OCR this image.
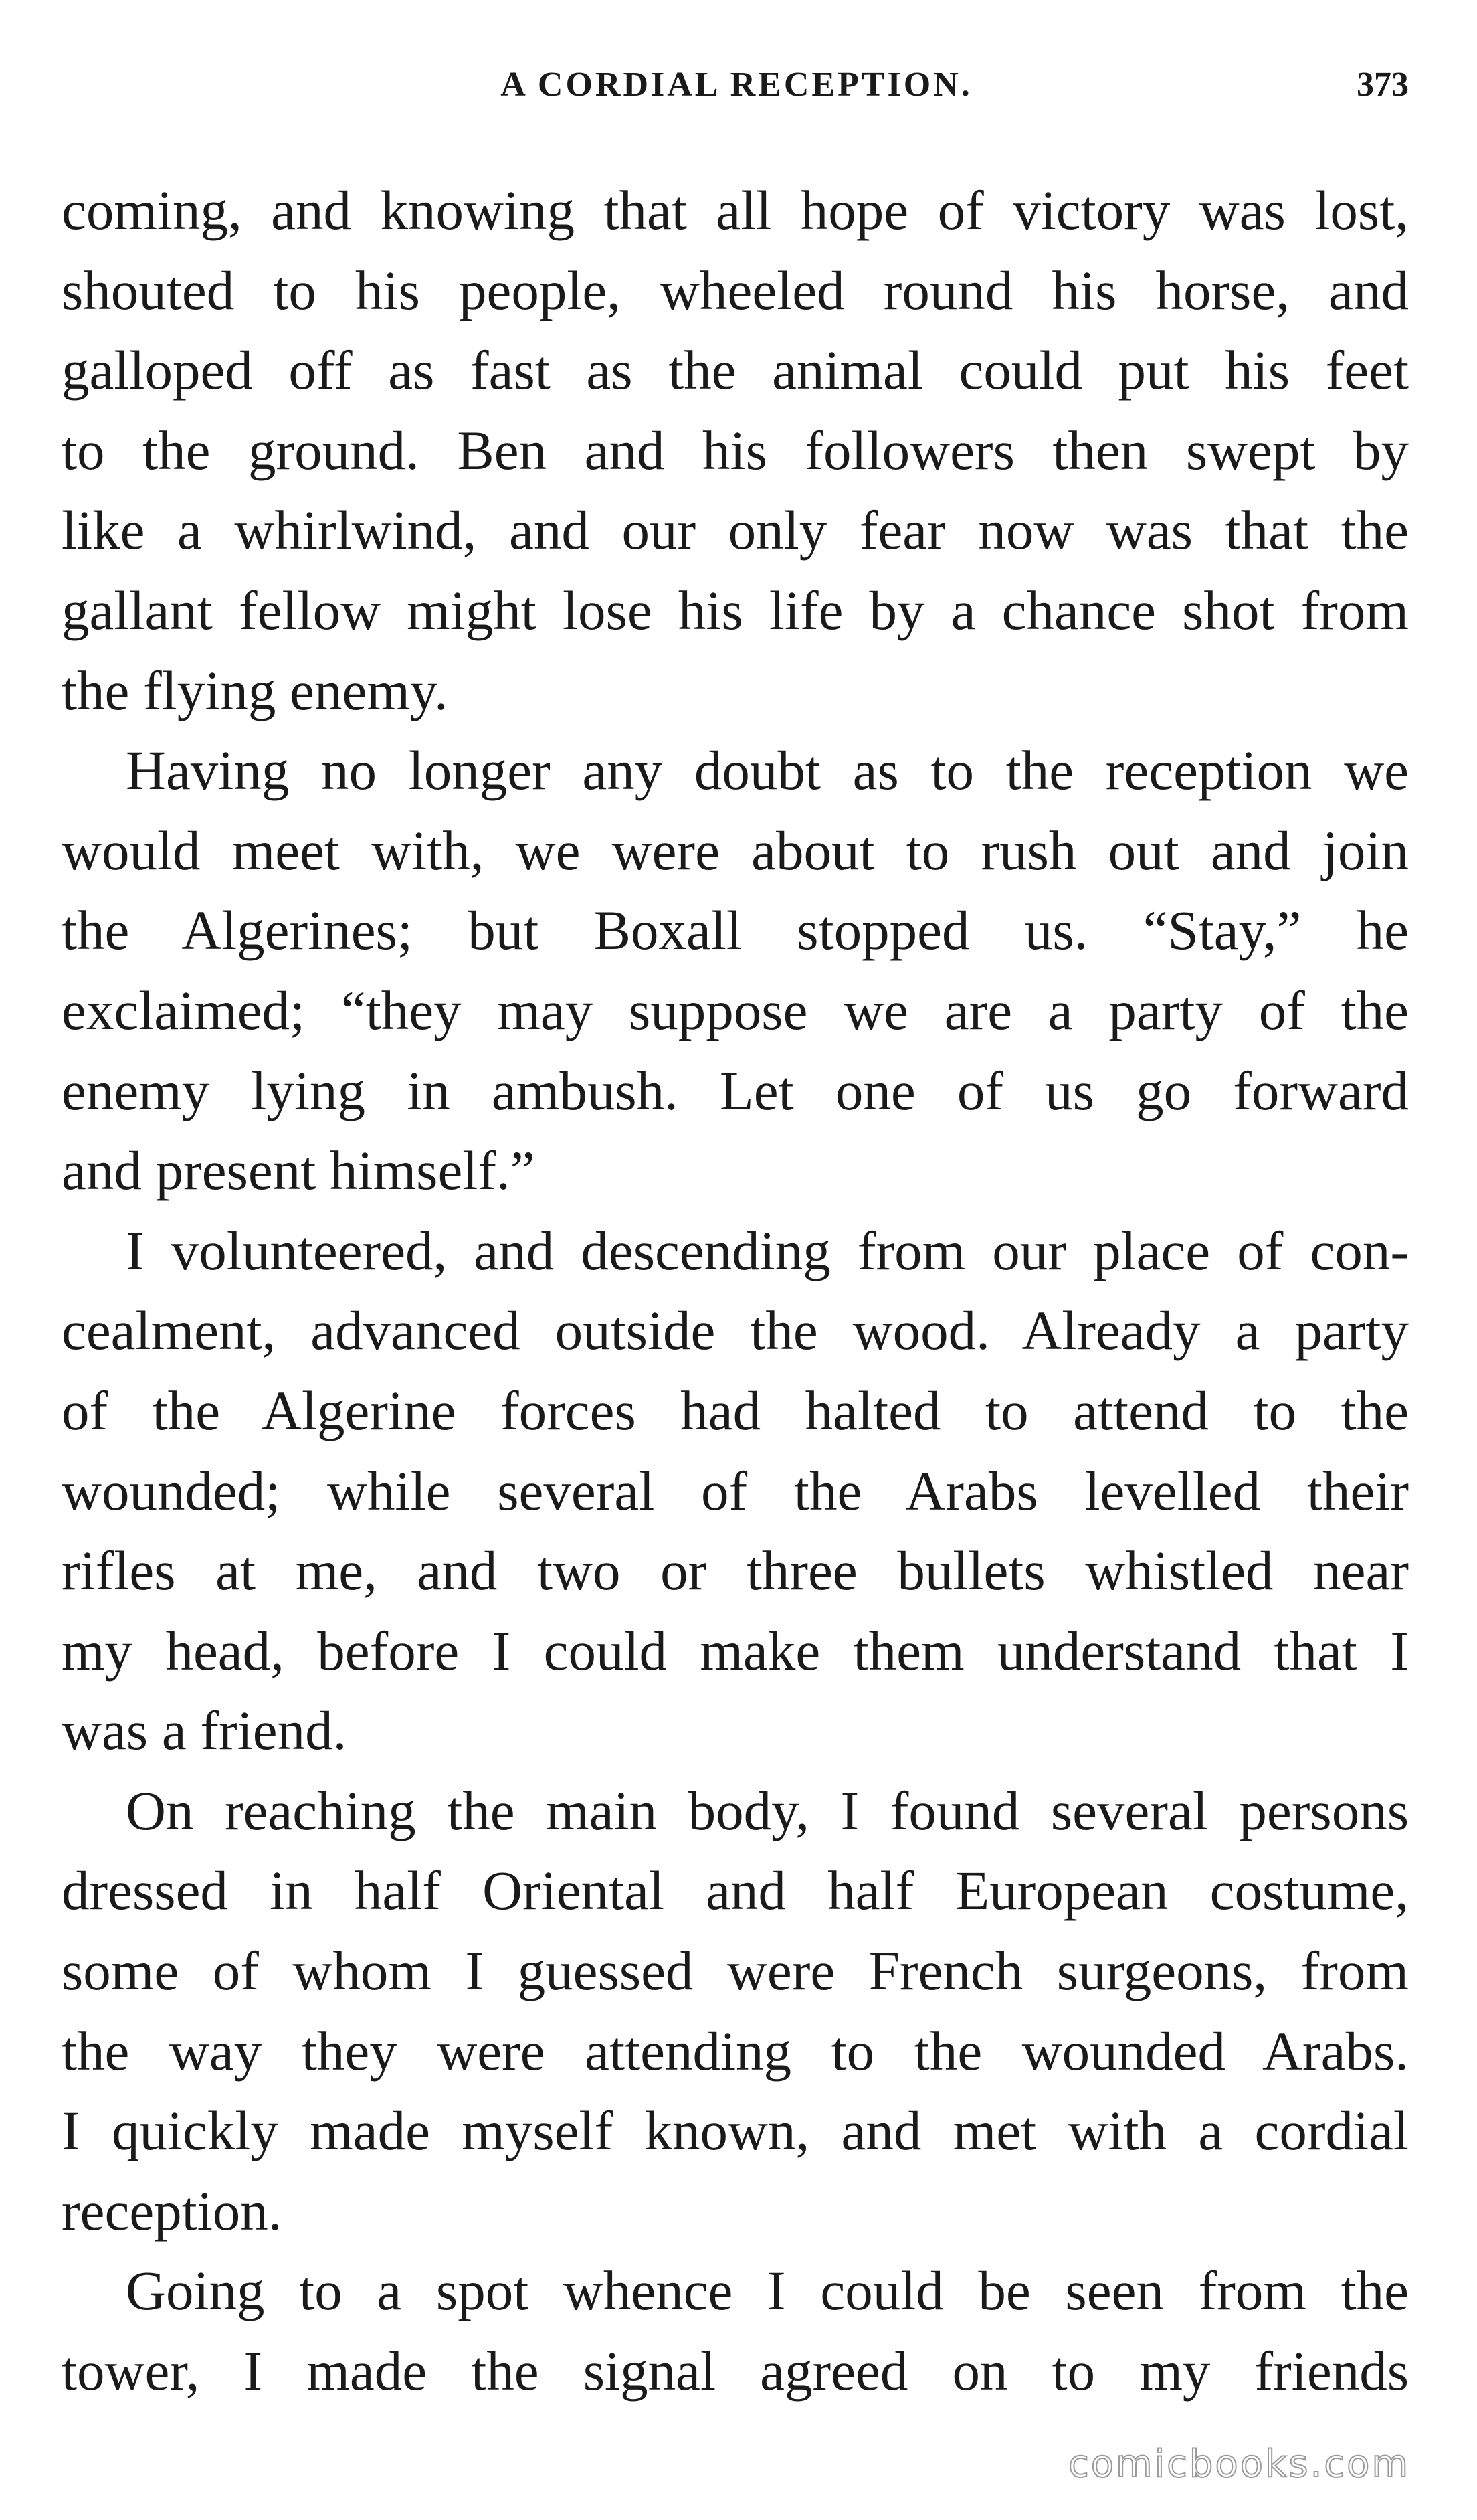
A CORDIAL RECEPTION.	373
coming, and knowing that all hope of victory was lost,
shouted to his people, wheeled round his horse, and
galloped off as fast as the animal could put his feet
to the ground. Ben and his followers then swept by
like a whirlwind, and our only fear now was that the
gallant fellow might lose his life by a chance shot from
the flying enemy.
Having no longer any doubt as to the reception we
would meet with, we were about to rush out and join
the Algerines; but Boxall stopped us. “Stay,” he
exclaimed; “they may suppose we are a party of the
enemy lying in ambush. Let one of us go forward
and present himself.”
I volunteered, and descending from our place of con-
cealment, advanced outside the wood. Already a party
of the Algerine forces had halted to attend to the
wounded; while several of the Arabs levelled their
rifles at me, and two or three bullets whistled near
my head, before I could make them understand that I
was a friend.
On reaching the main body, I found several persons
dressed in half Oriental and half European costume,
some of whom I guessed were French surgeons, from
the way they were attending to the wounded Arabs.
I quickly made myself known, and met with a cordial
reception.
Going to a spot whence I could be seen from the
tower, I made the signal agreed on to my friends
comicbooks.com
